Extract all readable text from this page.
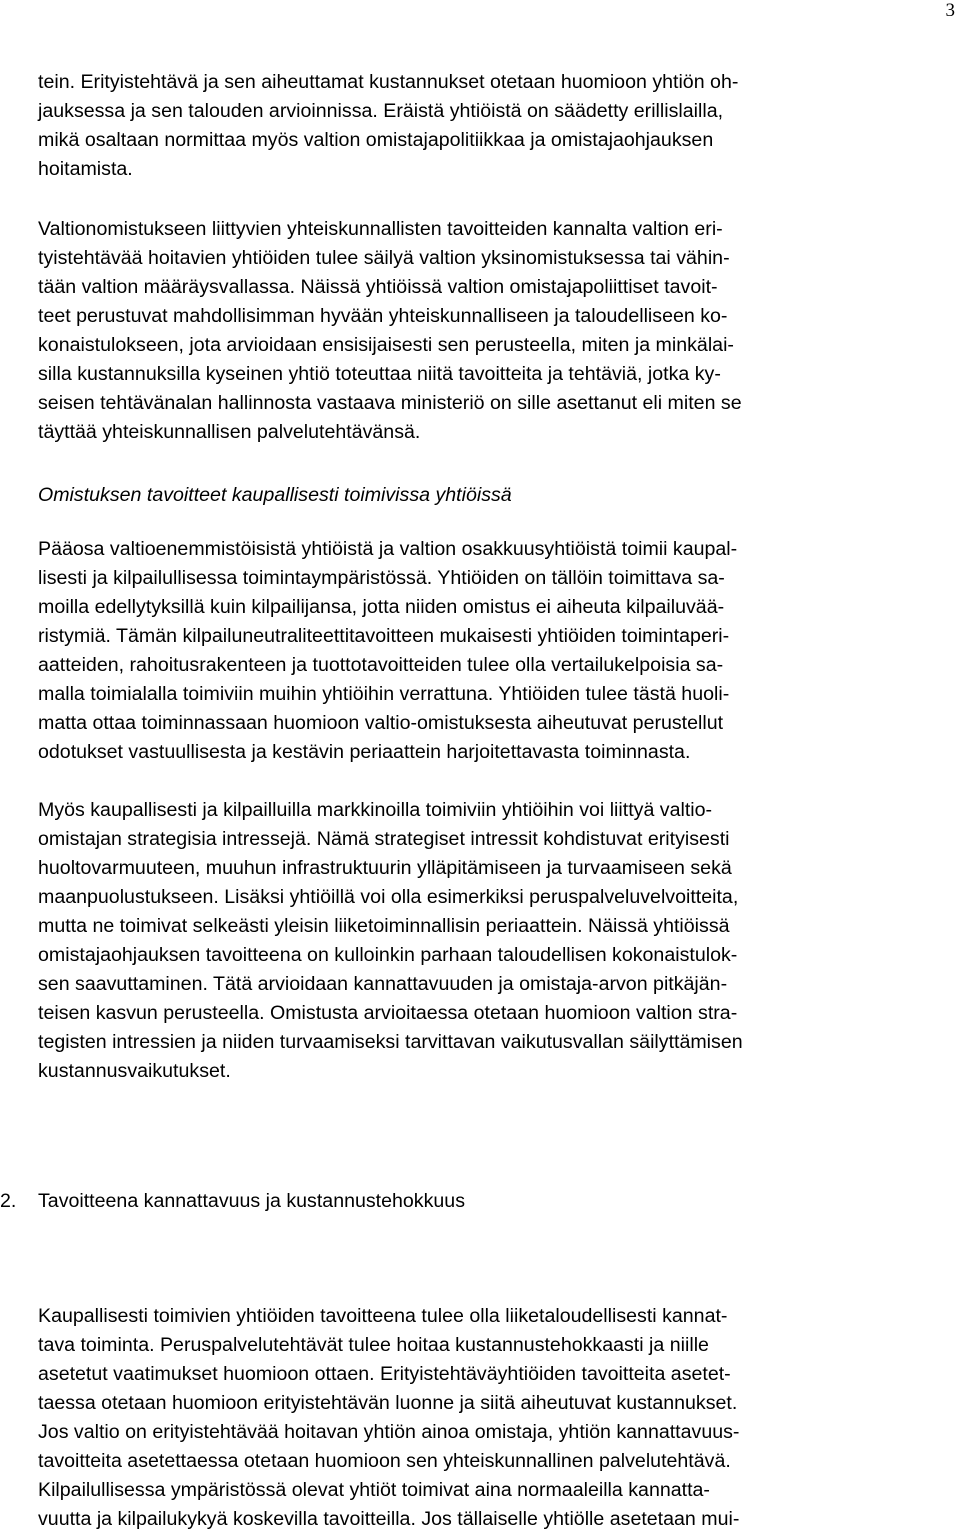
3

tein. Erityistehtävä ja sen aiheuttamat kustannukset otetaan huomioon yhtiön oh-
jauksessa ja sen talouden arvioinnissa. Eräistä yhtiöistä on säädetty erillislailla,
mikä osaltaan normittaa myös valtion omistajapolitiikkaa ja omistajaohjauksen
hoitamista.

Valtionomistukseen liittyvien yhteiskunnallisten tavoitteiden kannalta valtion eri-
tyistehtävää hoitavien yhtiöiden tulee säilyä valtion yksinomistuksessa tai vähin-
tään valtion määräysvallassa. Näissä yhtiöissä valtion omistajapoliittiset tavoit-
teet perustuvat mahdollisimman hyvään yhteiskunnalliseen ja taloudelliseen ko-
konaistulokseen, jota arvioidaan ensisijaisesti sen perusteella, miten ja minkälai-
silla kustannuksilla kyseinen yhtiö toteuttaa niitä tavoitteita ja tehtäviä, jotka ky-
seisen tehtävänalan hallinnosta vastaava ministeriö on sille asettanut eli miten se
täyttää yhteiskunnallisen palvelutehtävänsä.

Omistuksen tavoitteet kaupallisesti toimivissa yhtiöissä

Pääosa valtioenemmistöisistä yhtiöistä ja valtion osakkuusyhtiöistä toimii kaupal-
lisesti ja kilpailullisessa toimintaympäristössä. Yhtiöiden on tällöin toimittava sa-
moilla edellytyksillä kuin kilpailijansa, jotta niiden omistus ei aiheuta kilpailuvää-
ristymiä. Tämän kilpailuneutraliteettitavoitteen mukaisesti yhtiöiden toimintaperi-
aatteiden, rahoitusrakenteen ja tuottotavoitteiden tulee olla vertailukelpoisia sa-
malla toimialalla toimiviin muihin yhtiöihin verrattuna. Yhtiöiden tulee tästä huoli-
matta ottaa toiminnassaan huomioon valtio-omistuksesta aiheutuvat perustellut
odotukset vastuullisesta ja kestävin periaattein harjoitettavasta toiminnasta.

Myös kaupallisesti ja kilpailluilla markkinoilla toimiviin yhtiöihin voi liittyä valtio-
omistajan strategisia intressejä. Nämä strategiset intressit kohdistuvat erityisesti
huoltovarmuuteen, muuhun infrastruktuurin ylläpitämiseen ja turvaamiseen sekä
maanpuolustukseen. Lisäksi yhtiöillä voi olla esimerkiksi peruspalveluvelvoitteita,
mutta ne toimivat selkeästi yleisin liiketoiminnallisin periaattein. Näissä yhtiöissä
omistajaohjauksen tavoitteena on kulloinkin parhaan taloudellisen kokonaistulok-
sen saavuttaminen. Tätä arvioidaan kannattavuuden ja omistaja-arvon pitkäjän-
teisen kasvun perusteella. Omistusta arvioitaessa otetaan huomioon valtion stra-
tegisten intressien ja niiden turvaamiseksi tarvittavan vaikutusvallan säilyttämisen
kustannusvaikutukset.

2. Tavoitteena kannattavuus ja kustannustehokkuus

Kaupallisesti toimivien yhtiöiden tavoitteena tulee olla liiketaloudellisesti kannat-
tava toiminta. Peruspalvelutehtävät tulee hoitaa kustannustehokkaasti ja niille
asetetut vaatimukset huomioon ottaen. Erityistehtäväyhtiöiden tavoitteita asetet-
taessa otetaan huomioon erityistehtävän luonne ja siitä aiheutuvat kustannukset.
Jos valtio on erityistehtävää hoitavan yhtiön ainoa omistaja, yhtiön kannattavuus-
tavoitteita asetettaessa otetaan huomioon sen yhteiskunnallinen palvelutehtävä.
Kilpailullisessa ympäristössä olevat yhtiöt toimivat aina normaaleilla kannatta-
vuutta ja kilpailukykyä koskevilla tavoitteilla. Jos tällaiselle yhtiölle asetetaan mui-
